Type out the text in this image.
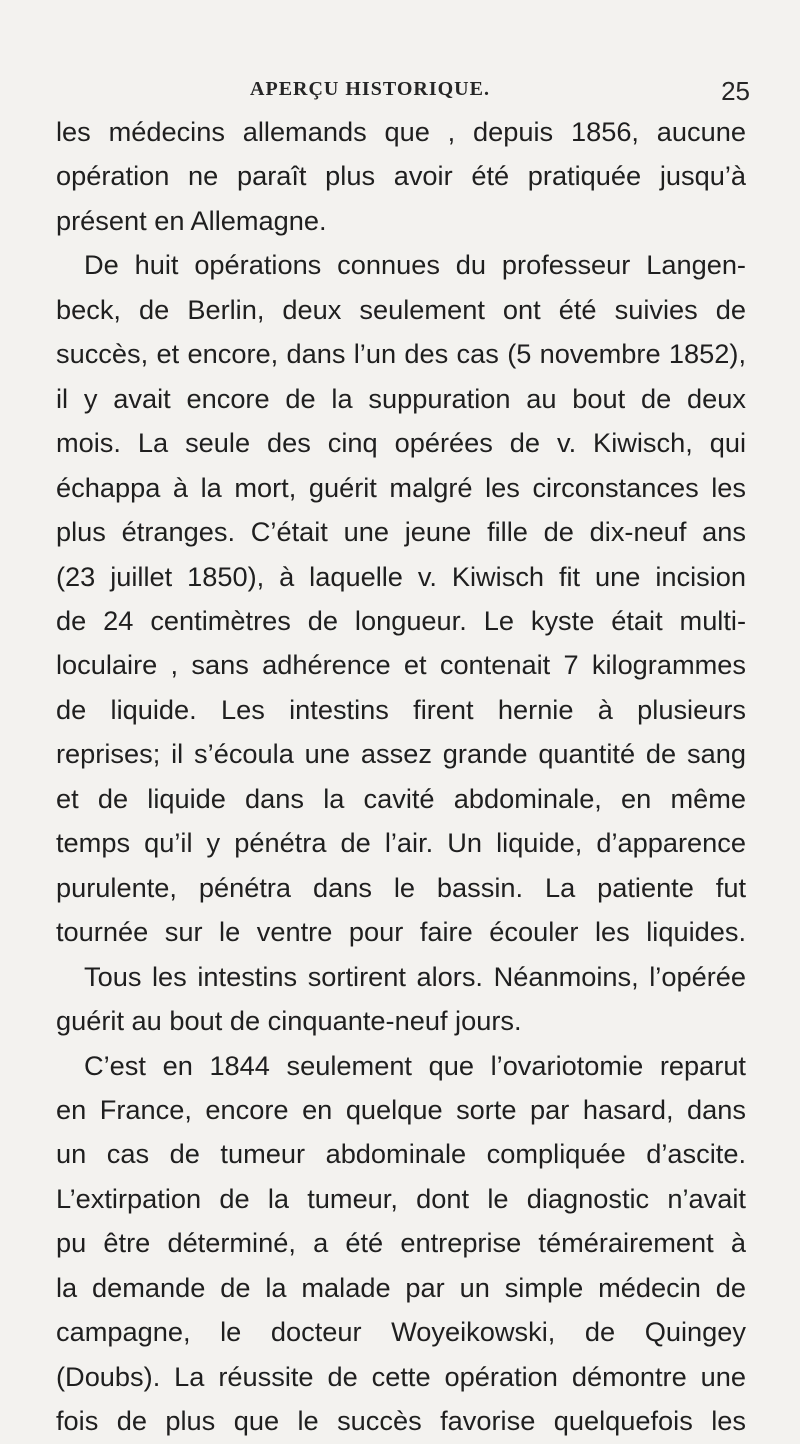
APERÇU HISTORIQUE.	25
les médecins allemands que , depuis 1856, aucune
opération ne paraît plus avoir été pratiquée jusqu’à
présent en Allemagne.
De huit opérations connues du professeur Langen-
beck, de Berlin, deux seulement ont été suivies de
succès, et encore, dans l’un des cas (5 novembre 1852),
il y avait encore de la suppuration au bout de deux
mois. La seule des cinq opérées de v. Kiwisch, qui
échappa à la mort, guérit malgré les circonstances les
plus étranges. C’était une jeune fille de dix-neuf ans
(23 juillet 1850), à laquelle v. Kiwisch fit une incision
de 24 centimètres de longueur. Le kyste était multi-
loculaire , sans adhérence et contenait 7 kilogrammes
de liquide. Les intestins firent hernie à plusieurs
reprises; il s’écoula une assez grande quantité de sang
et de liquide dans la cavité abdominale, en même
temps qu’il y pénétra de l’air. Un liquide, d’apparence
purulente, pénétra dans le bassin. La patiente fut
tournée sur le ventre pour faire écouler les liquides.
Tous les intestins sortirent alors. Néanmoins, l’opérée
guérit au bout de cinquante-neuf jours.
C’est en 1844 seulement que l’ovariotomie reparut
en France, encore en quelque sorte par hasard, dans
un cas de tumeur abdominale compliquée d’ascite.
L’extirpation de la tumeur, dont le diagnostic n’avait
pu être déterminé, a été entreprise témérairement à
la demande de la malade par un simple médecin de
campagne, le docteur Woyeikowski, de Quingey
(Doubs). La réussite de cette opération démontre une
fois de plus que le succès favorise quelquefois les
